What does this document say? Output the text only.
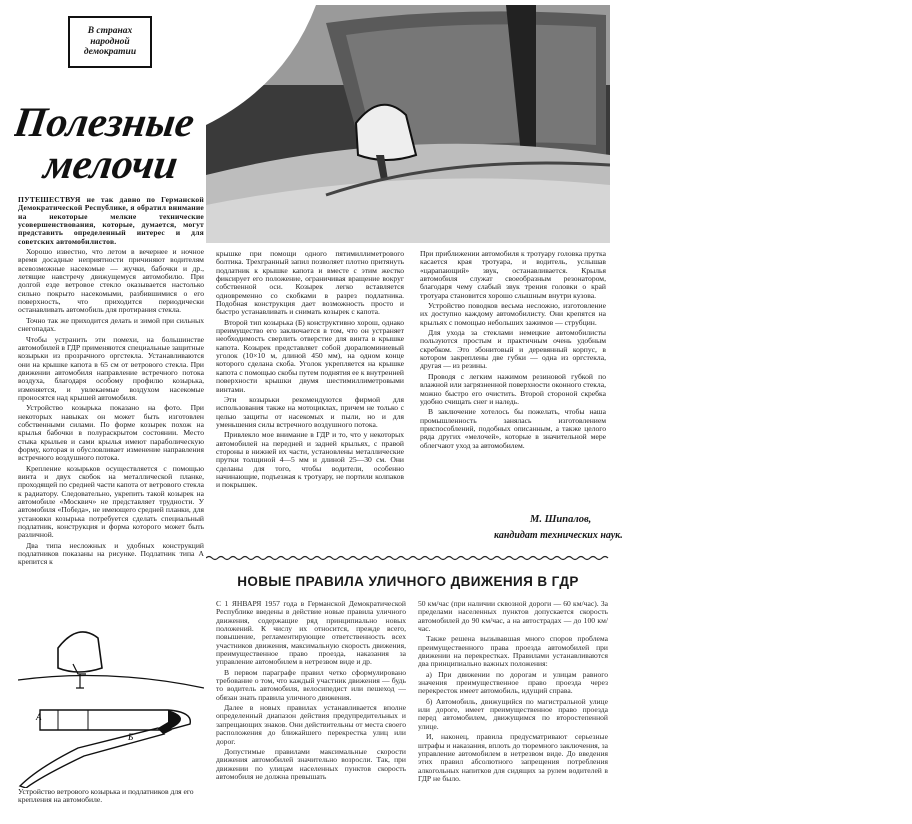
В странах
народной
демократии
Полезные
мелочи

ПУТЕШЕСТВУЯ не так давно по Германской Демократической Республике, я обратил внимание на некоторые мелкие технические усовершенствования, которые, думается, могут представить определенный интерес и для советских автомобилистов.

Хорошо известно, что летом в вечернее и ночное время досадные неприятности причиняют водителям всевозможные насекомые — жучки, бабочки и др., летящие навстречу движущемуся автомобилю. При долгой езде ветровое стекло оказывается настолько сильно покрыто насекомыми, разбившимися о его поверхность, что приходится периодически останавливать автомобиль для протирания стекла.

Точно так же приходится делать и зимой при сильных снегопадах.

Чтобы устранить эти помехи, на большинстве автомобилей в ГДР применяются специальные защитные козырьки из прозрачного оргстекла. Устанавливаются они на крышке капота в 65 см от ветрового стекла. При движении автомобиля направление встречного потока воздуха, благодаря особому профилю козырька, изменяется, и увлекаемые воздухом насекомые проносятся над крышей автомобиля.

Устройство козырька показано на фото. При некоторых навыках он может быть изготовлен собственными силами. По форме козырек похож на крылья бабочки в полураскрытом состоянии. Место стыка крыльев и сами крылья имеют параболическую форму, которая и обусловливает изменение направления встречного воздушного потока.

Крепление козырьков осуществляется с помощью винта и двух скобок на металлической планке, проходящей по средней части капота от ветрового стекла к радиатору. Следовательно, укрепить такой козырек на автомобиле «Москвич» не представляет трудности. У автомобиля «Победа», не имеющего средней планки, для установки козырька потребуется сделать специальный подлатник, конструкция и форма которого может быть различной.

Два типа несложных и удобных конструкций подлатников показаны на рисунке. Подлатник типа А крепится к

крышке при помощи одного пятимиллиметрового болтика. Трехгранный запил позволяет плотно притянуть подлатник к крышке капота и вместе с этим жестко фиксирует его положение, ограничивая вращение вокруг собственной оси. Козырек легко вставляется одновременно со скобками в разрез подлатника. Подобная конструкция дает возможность просто и быстро устанавливать и снимать козырек с капота.

Второй тип козырька (Б) конструктивно хорош, однако преимущество его заключается в том, что он устраняет необходимость сверлить отверстие для винта в крышке капота. Козырек представляет собой дюралюминиевый уголок (10×10 м, длиной 450 мм), на одном конце которого сделана скоба. Уголок укрепляется на крышке капота с помощью скобы путем поднятия ее к внутренней поверхности крышки двумя шестимиллиметровыми винтами.

Эти козырьки рекомендуются фирмой для использования также на мотоциклах, причем не только с целью защиты от насекомых и пыли, но и для уменьшения силы встречного воздушного потока.

Привлекло мое внимание в ГДР и то, что у некоторых автомобилей на передней и задней крыльях, с правой стороны в нижней их части, установлены металлические прутки толщиной 4—5 мм и длиной 25—30 см. Они сделаны для того, чтобы водители, особенно начинающие, подъезжая к тротуару, не портили колпаков и покрышек.

При приближении автомобиля к тротуару головка прутка касается края тротуара, и водитель, услышав «царапающий» звук, останавливается. Крылья автомобиля служат своеобразным резонатором, благодаря чему слабый звук трения головки о край тротуара становится хорошо слышным внутри кузова.

Устройство поводков весьма несложно, изготовление их доступно каждому автомобилисту. Они крепятся на крыльях с помощью небольших зажимов — струбцин.

Для ухода за стеклами немецкие автомобилисты пользуются простым и практичным очень удобным скребком. Это эбонитовый и деревянный корпус, в котором закреплены две губки — одна из оргстекла, другая — из резины.

Проводя с легким нажимом резиновой губкой по влажной или загрязненной поверхности оконного стекла, можно быстро его очистить. Второй стороной скребка удобно счищать снег и наледь.

В заключение хотелось бы пожелать, чтобы наша промышленность занялась изготовлением приспособлений, подобных описанным, а также целого ряда других «мелочей», которые в значительной мере облегчают уход за автомобилем.

М. Шипалов,
кандидат технических наук.
НОВЫЕ ПРАВИЛА УЛИЧНОГО ДВИЖЕНИЯ В ГДР

С 1 ЯНВАРЯ 1957 года в Германской Демократической Республике введены в действие новые правила уличного движения, содержащие ряд принципиально новых положений. К числу их относится, прежде всего, повышение, регламентирующие ответственность всех участников движения, максимальную скорость движения, преимущественное право проезда, наказания за управление автомобилем в нетрезвом виде и др.

В первом параграфе правил четко сформулировано требование о том, что каждый участник движения — будь то водитель автомобиля, велосипедист или пешеход — обязан знать правила уличного движения.

Далее в новых правилах устанавливается вполне определенный диапазон действия предупредительных и запрещающих знаков. Они действительны от места своего расположения до ближайшего перекрестка улиц или дорог.

Допустимые правилами максимальные скорости движения автомобилей значительно возросли. Так, при движении по улицам населенных пунктов скорость автомобиля не должна превышать

50 км/час (при наличии сквозной дороги — 60 км/час). За пределами населенных пунктов допускается скорость автомобилей до 90 км/час, а на автострадах — до 100 км/час.

Также решена вызывавшая много споров проблема преимущественного права проезда автомобилей при движении на перекрестках. Правилами устанавливаются два принципиально важных положения:

а) При движении по дорогам и улицам равного значения преимущественное право проезда через перекресток имеет автомобиль, идущий справа.

б) Автомобиль, движущийся по магистральной улице или дороге, имеет преимущественное право проезда перед автомобилем, движущимся по второстепенной улице.

И, наконец, правила предусматривают серьезные штрафы и наказания, вплоть до тюремного заключения, за управление автомобилем в нетрезвом виде. До введения этих правил абсолютного запрещения потребления алкогольных напитков для сидящих за рулем водителей в ГДР не было.

А
Б
Устройство ветрового козырька и подлатников для его крепления на автомобиле.
